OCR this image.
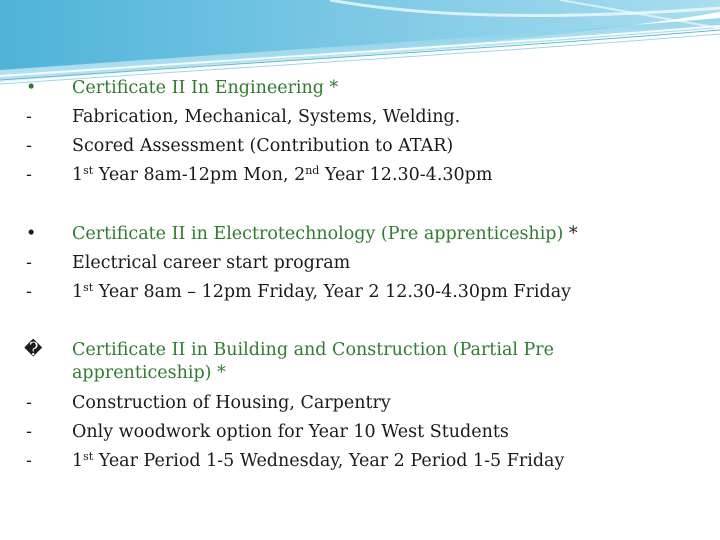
•	Certificate II In Engineering *
-	Fabrication, Mechanical, Systems, Welding.
-	Scored Assessment (Contribution to ATAR)
-	1st Year 8am-12pm Mon, 2nd Year 12.30-4.30pm
•	Certificate II in Electrotechnology (Pre apprenticeship) *
-	Electrical career start program
-	1st Year 8am – 12pm Friday, Year 2 12.30-4.30pm Friday
�	Certificate II in Building and Construction (Partial Pre
apprenticeship) *
-	Construction of Housing, Carpentry
-	Only woodwork option for Year 10 West Students
-	1st Year Period 1-5 Wednesday, Year 2 Period 1-5 Friday
